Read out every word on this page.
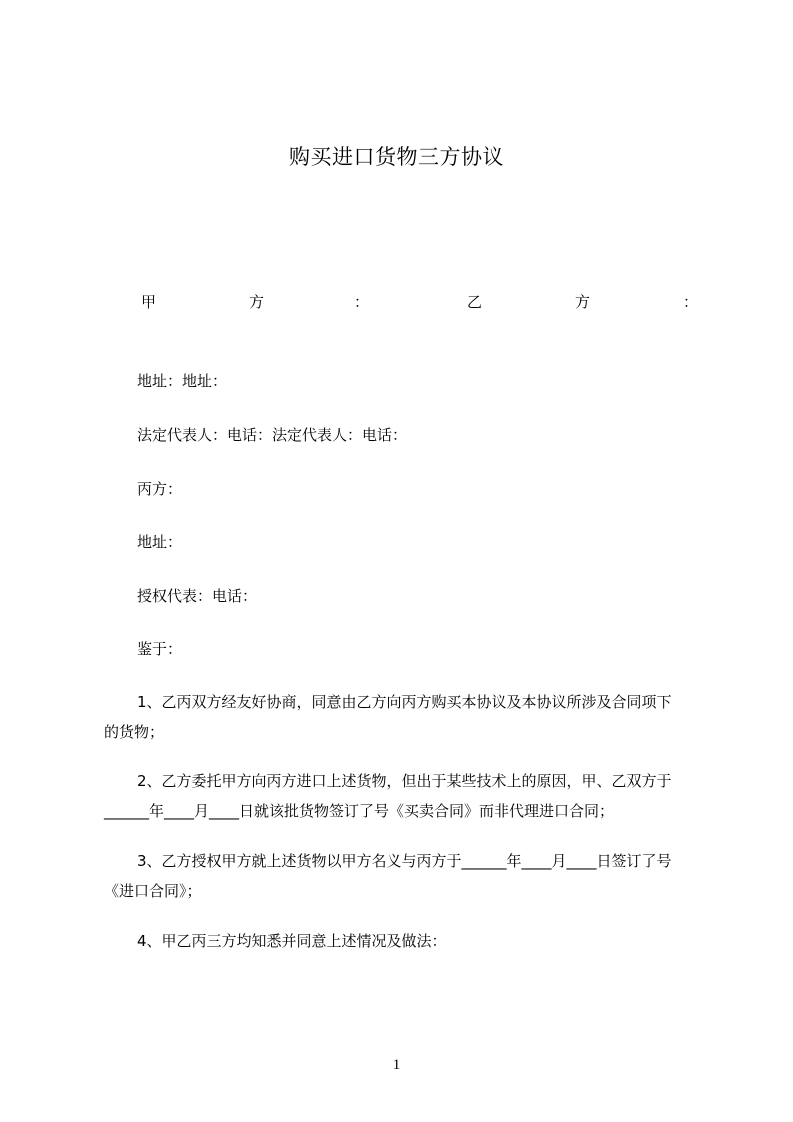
购买进口货物三方协议
甲	方	：	乙	方	：
地址：地址：
法定代表人：电话：法定代表人：电话：
丙方：
地址：
授权代表：电话：
鉴于：
1、乙丙双方经友好协商，同意由乙方向丙方购买本协议及本协议所涉及合同项下
的货物；
2、乙方委托甲方向丙方进口上述货物，但出于某些技术上的原因，甲、乙双方于
______年____月____日就该批货物签订了号《买卖合同》而非代理进口合同；
3、乙方授权甲方就上述货物以甲方名义与丙方于______年____月____日签订了号
《进口合同》；
4、甲乙丙三方均知悉并同意上述情况及做法：
1
